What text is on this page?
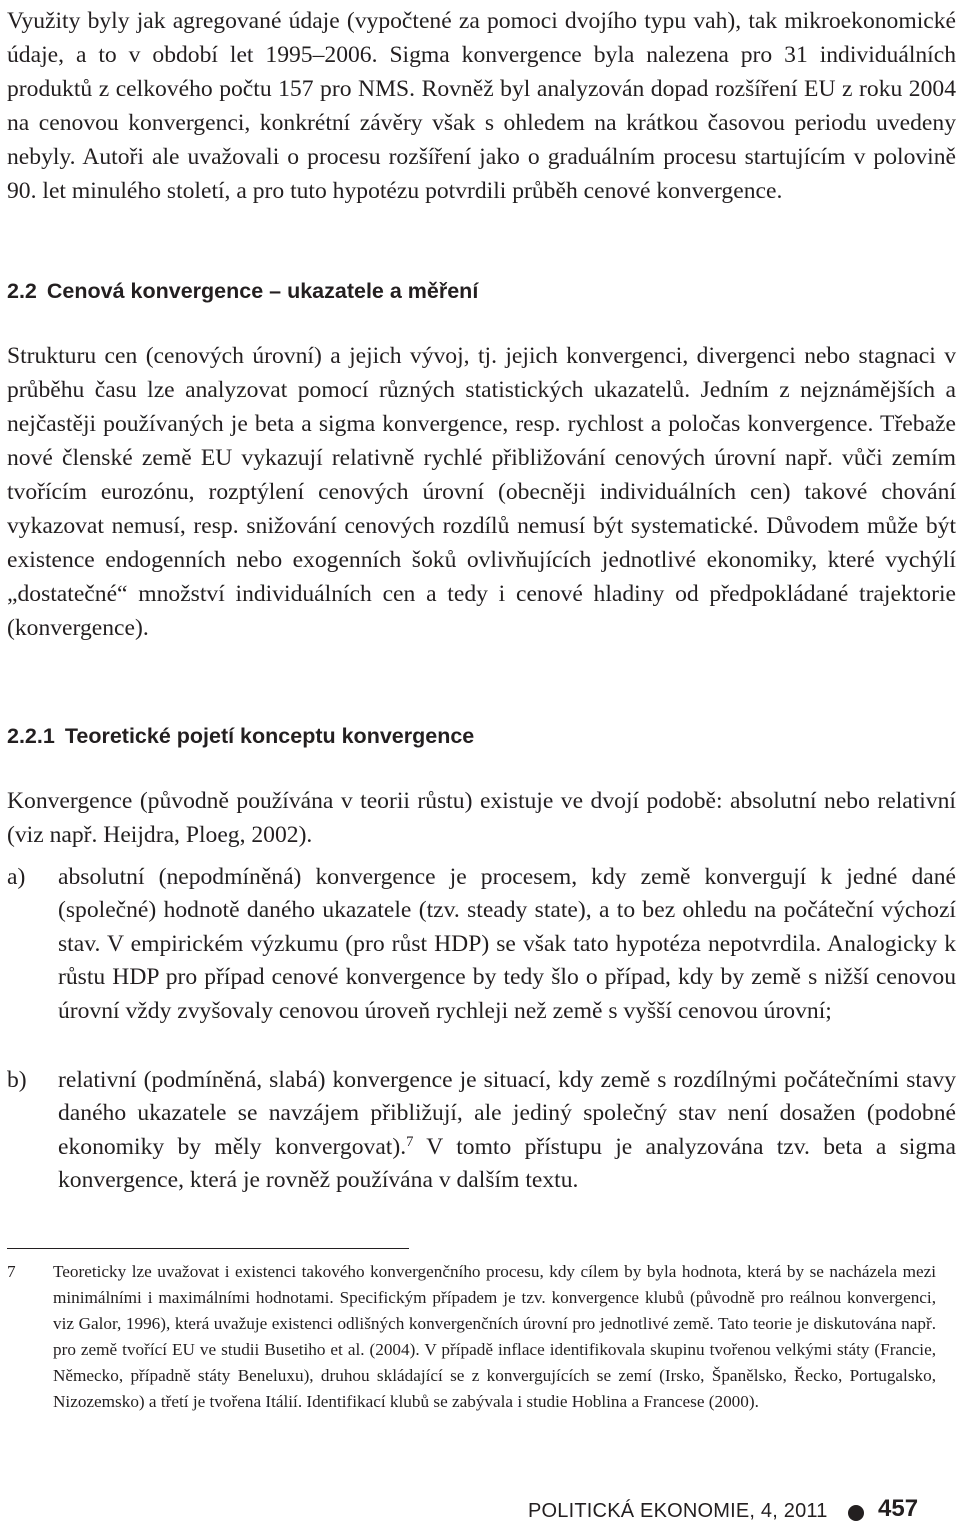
Využity byly jak agregované údaje (vypočtené za pomoci dvojího typu vah), tak mikroekonomické údaje, a to v období let 1995–2006. Sigma konvergence byla nalezena pro 31 individuálních produktů z celkového počtu 157 pro NMS. Rovněž byl analyzován dopad rozšíření EU z roku 2004 na cenovou konvergenci, konkrétní závěry však s ohledem na krátkou časovou periodu uvedeny nebyly. Autoři ale uvažovali o procesu rozšíření jako o graduálním procesu startujícím v polovině 90. let minulého století, a pro tuto hypotézu potvrdili průběh cenové konvergence.

2.2 Cenová konvergence – ukazatele a měření

Strukturu cen (cenových úrovní) a jejich vývoj, tj. jejich konvergenci, divergenci nebo stagnaci v průběhu času lze analyzovat pomocí různých statistických ukazatelů. Jedním z nejznámějších a nejčastěji používaných je beta a sigma konvergence, resp. rychlost a poločas konvergence. Třebaže nové členské země EU vykazují relativně rychlé přibližování cenových úrovní např. vůči zemím tvořícím eurozónu, rozptýlení cenových úrovní (obecněji individuálních cen) takové chování vykazovat nemusí, resp. snižování cenových rozdílů nemusí být systematické. Důvodem může být existence endogenních nebo exogenních šoků ovlivňujících jednotlivé ekonomiky, které vychýlí „dostatečné“ množství individuálních cen a tedy i cenové hladiny od předpokládané trajektorie (konvergence).

2.2.1 Teoretické pojetí konceptu konvergence

Konvergence (původně používána v teorii růstu) existuje ve dvojí podobě: absolutní nebo relativní (viz např. Heijdra, Ploeg, 2002).

a)	absolutní (nepodmíněná) konvergence je procesem, kdy země konvergují k jedné dané (společné) hodnotě daného ukazatele (tzv. steady state), a to bez ohledu na počáteční výchozí stav. V empirickém výzkumu (pro růst HDP) se však tato hypotéza nepotvrdila. Analogicky k růstu HDP pro případ cenové konvergence by tedy šlo o případ, kdy by země s nižší cenovou úrovní vždy zvyšovaly cenovou úroveň rychleji než země s vyšší cenovou úrovní;
b)	relativní (podmíněná, slabá) konvergence je situací, kdy země s rozdílnými počátečními stavy daného ukazatele se navzájem přibližují, ale jediný společný stav není dosažen (podobné ekonomiky by měly konvergovat).$^7$ V tomto přístupu je analyzována tzv. beta a sigma konvergence, která je rovněž používána v dalším textu.
7 Teoreticky lze uvažovat i existenci takového konvergenčního procesu, kdy cílem by byla hodnota, která by se nacházela mezi minimálními i maximálními hodnotami. Specifickým případem je tzv. konvergence klubů (původně pro reálnou konvergenci, viz Galor, 1996), která uvažuje existenci odlišných konvergenčních úrovní pro jednotlivé země. Tato teorie je diskutována např. pro země tvořící EU ve studii Busetiho et al. (2004). V případě inflace identifikovala skupinu tvořenou velkými státy (Francie, Německo, případně státy Beneluxu), druhou skládající se z konvergujících se zemí (Irsko, Španělsko, Řecko, Portugalsko, Nizozemsko) a třetí je tvořena Itálií. Identifikací klubů se zabývala i studie Hoblina a Francese (2000).
POLITICKÁ EKONOMIE, 4, 2011 457
